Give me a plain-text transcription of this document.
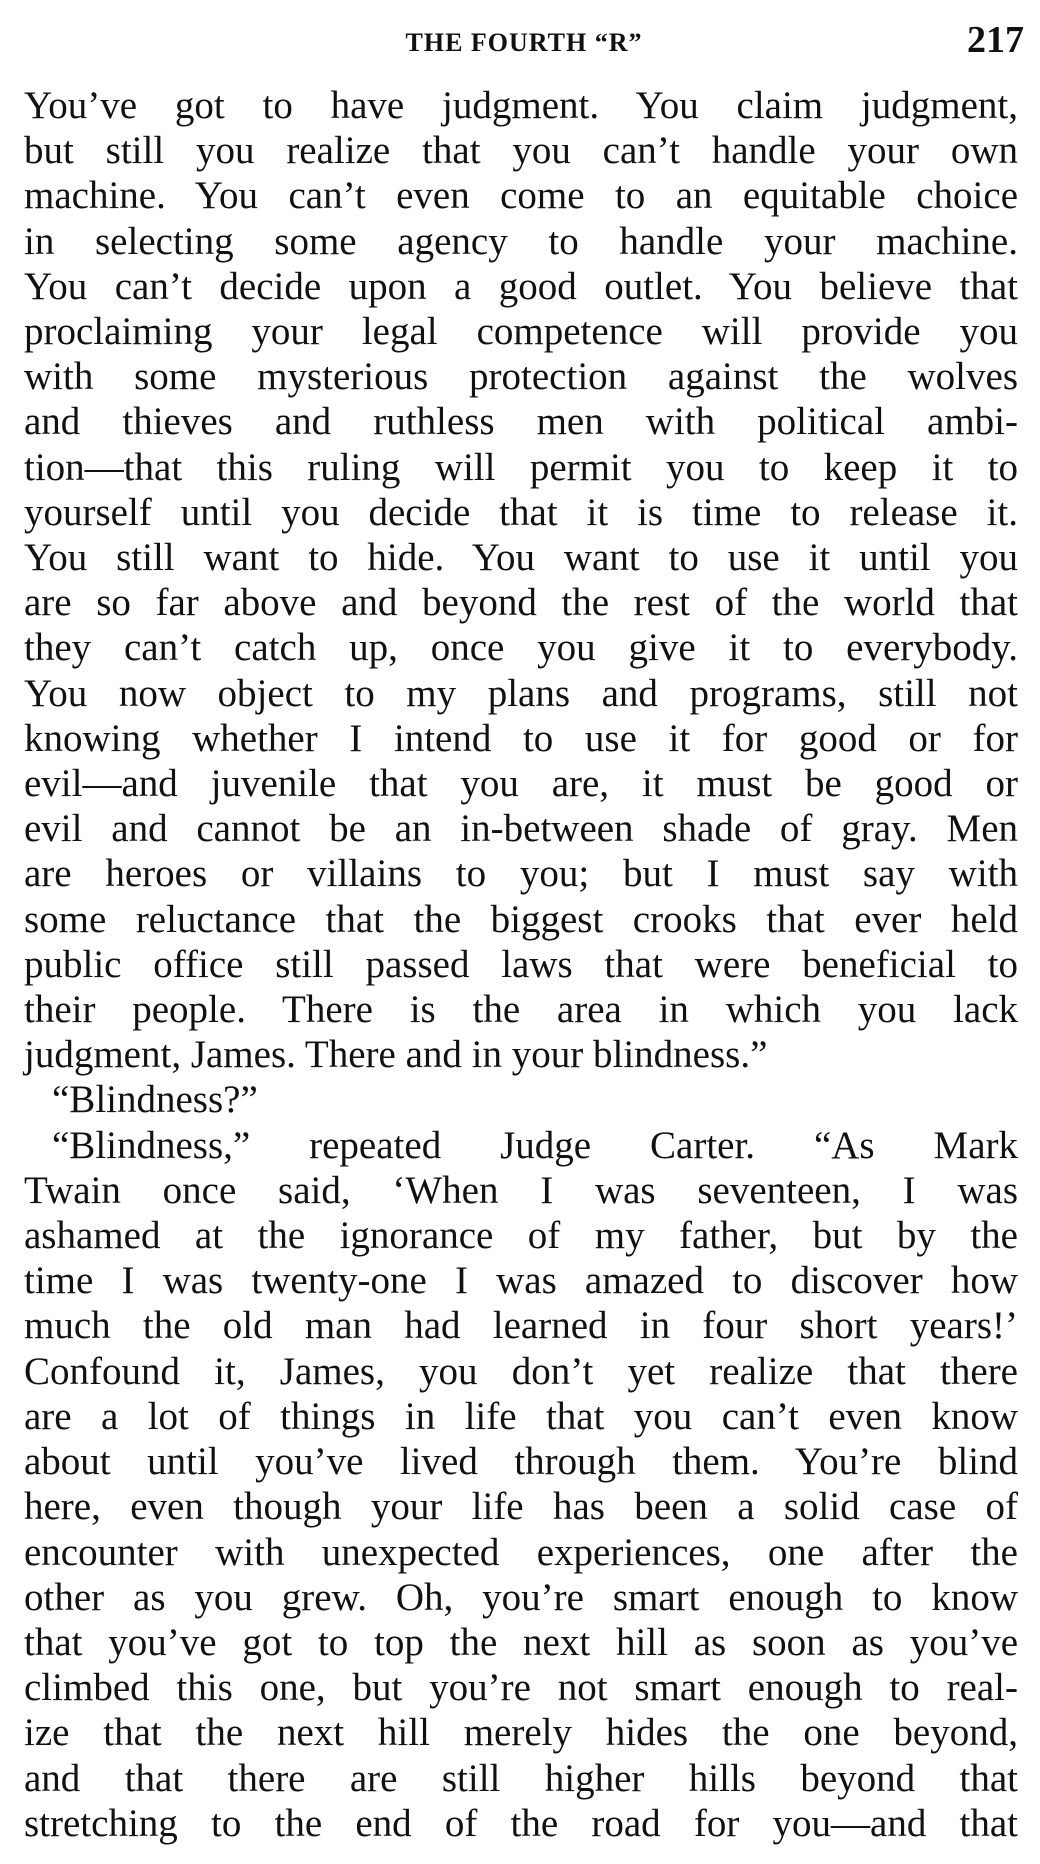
THE FOURTH “R”	217
You’ve got to have judgment. You claim judgment,
but still you realize that you can’t handle your own
machine. You can’t even come to an equitable choice
in selecting some agency to handle your machine.
You can’t decide upon a good outlet. You believe that
proclaiming your legal competence will provide you
with some mysterious protection against the wolves
and thieves and ruthless men with political ambi-
tion—that this ruling will permit you to keep it to
yourself until you decide that it is time to release it.
You still want to hide. You want to use it until you
are so far above and beyond the rest of the world that
they can’t catch up, once you give it to everybody.
You now object to my plans and programs, still not
knowing whether I intend to use it for good or for
evil—and juvenile that you are, it must be good or
evil and cannot be an in-between shade of gray. Men
are heroes or villains to you; but I must say with
some reluctance that the biggest crooks that ever held
public office still passed laws that were beneficial to
their people. There is the area in which you lack
judgment, James. There and in your blindness.”
“Blindness?”
“Blindness,” repeated Judge Carter. “As Mark
Twain once said, ‘When I was seventeen, I was
ashamed at the ignorance of my father, but by the
time I was twenty-one I was amazed to discover how
much the old man had learned in four short years!’
Confound it, James, you don’t yet realize that there
are a lot of things in life that you can’t even know
about until you’ve lived through them. You’re blind
here, even though your life has been a solid case of
encounter with unexpected experiences, one after the
other as you grew. Oh, you’re smart enough to know
that you’ve got to top the next hill as soon as you’ve
climbed this one, but you’re not smart enough to real-
ize that the next hill merely hides the one beyond,
and that there are still higher hills beyond that
stretching to the end of the road for you—and that
